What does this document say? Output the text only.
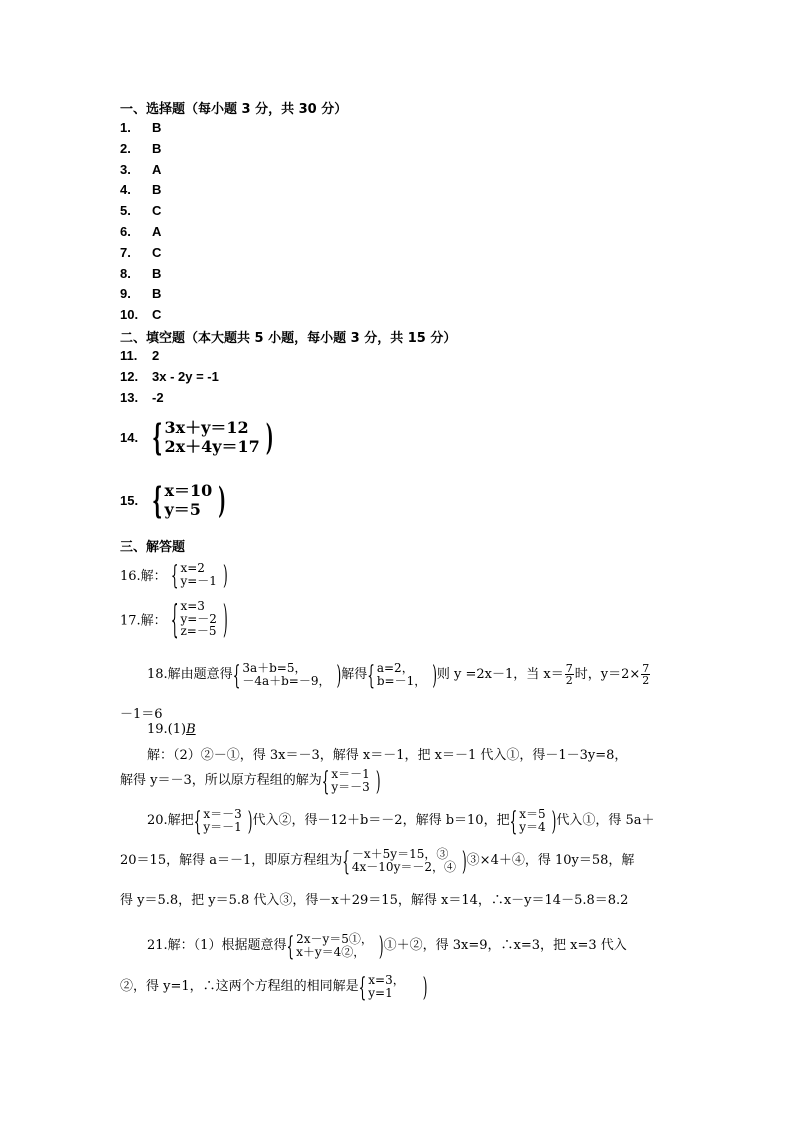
一、选择题（每小题 3 分，共 30 分）
1. B
2. B
3. A
4. B
5. C
6. A
7. C
8. B
9. B
10. C
二、填空题（本大题共 5 小题，每小题 3 分，共 15 分）
11. 2
12. 3x - 2y = -1
13. -2
14. { 3x＋y＝12
2x＋4y＝17 )
15. { x＝10
y＝5	)
三、解答题
16.解： { x=2
y=－1 )
17.解： { x=3
y=－2
z=－5 )
18.解由题意得 { 3a＋b=5，
－4a＋b=－9， ) 解得 { a=2，
b=－1， ) 则 y =2x－1，当 $x= \frac{7}{2}$ 时，$y=2\times \frac{7}{2}$
－1＝6
19.(1)B
解：（2）②－①，得 3x＝－3，解得 x＝－1，把 x＝－1 代入①，得－1－3y=8，
解得 y＝－3，所以原方程组的解为 { x＝－1
y＝－3 )
20.解把 { x＝－3
y＝－1 ) 代入②，得－12＋b＝－2，解得 b＝10，把 { x＝5
y＝4 ) 代入①，得 5a＋
20＝15，解得 a＝－1，即原方程组为 { －x＋5y＝15，③
4x－10y＝－2，④ ) ③×4＋④，得 10y＝58，解
得 y＝5.8，把 y＝5.8 代入③，得－x＋29＝15，解得 x＝14，∴x－y＝14－5.8＝8.2
21.解：（1）根据题意得 { 2x－y＝5①，
x＋y＝4②，	) ①＋②，得 3x=9，∴x=3，把 x=3 代入
②，得 y=1，∴这两个方程组的相同解是 { x=3，
y=1	)
